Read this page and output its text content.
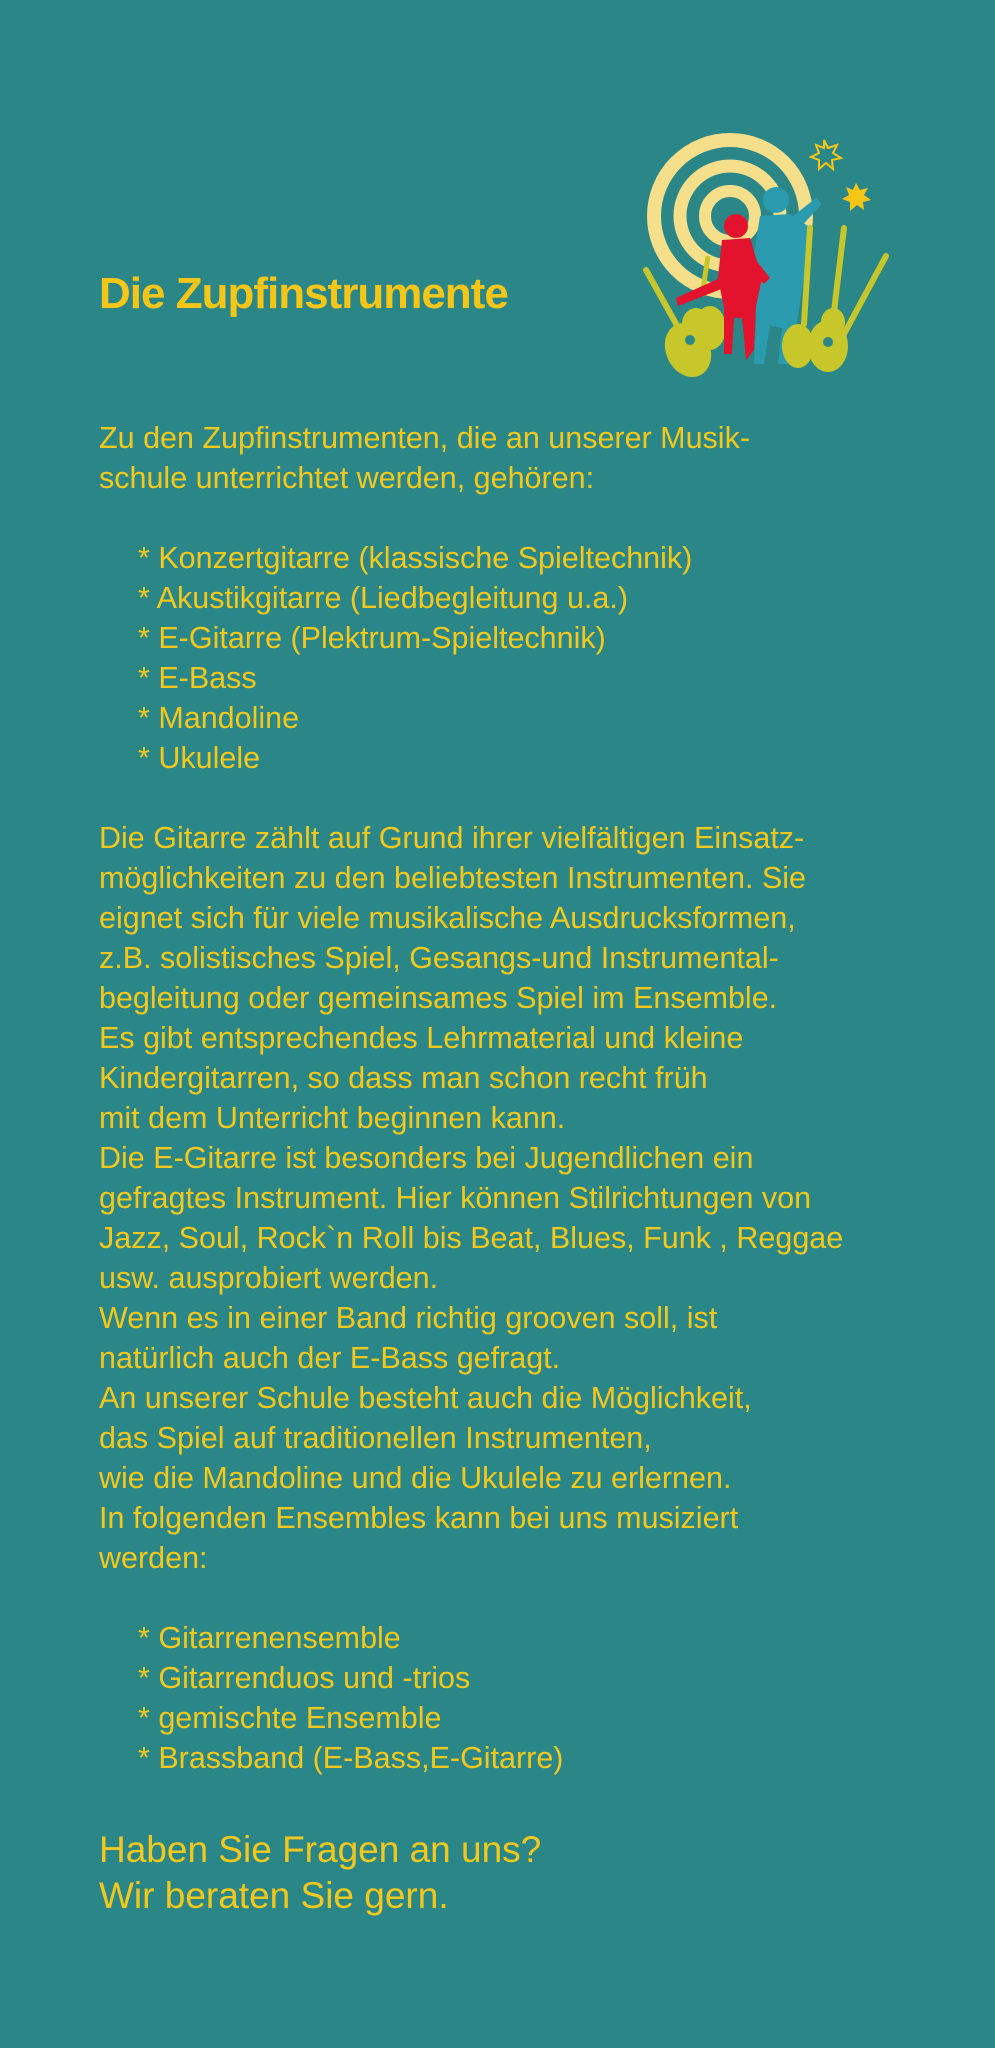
Die Zupfinstrumente

Zu den Zupfinstrumenten, die an unserer Musik-
schule unterrichtet werden, gehören:

* Konzertgitarre (klassische Spieltechnik)
* Akustikgitarre (Liedbegleitung u.a.)
* E-Gitarre (Plektrum-Spieltechnik)
* E-Bass
* Mandoline
* Ukulele

Die Gitarre zählt auf Grund ihrer vielfältigen Einsatz-
möglichkeiten zu den beliebtesten Instrumenten. Sie
eignet sich für viele musikalische Ausdrucksformen,
z.B. solistisches Spiel, Gesangs-und Instrumental-
begleitung oder gemeinsames Spiel im Ensemble.
Es gibt entsprechendes Lehrmaterial und kleine
Kindergitarren, so dass man schon recht früh
mit dem Unterricht beginnen kann.
Die E-Gitarre ist besonders bei Jugendlichen ein
gefragtes Instrument. Hier können Stilrichtungen von
Jazz, Soul, Rock`n Roll bis Beat, Blues, Funk , Reggae
usw. ausprobiert werden.
Wenn es in einer Band richtig grooven soll, ist
natürlich auch der E-Bass gefragt.
An unserer Schule besteht auch die Möglichkeit,
das Spiel auf traditionellen Instrumenten,
wie die Mandoline und die Ukulele zu erlernen.
In folgenden Ensembles kann bei uns musiziert
werden:

* Gitarrenensemble
* Gitarrenduos und -trios
* gemischte Ensemble
* Brassband (E-Bass,E-Gitarre)
Haben Sie Fragen an uns?
Wir beraten Sie gern.
